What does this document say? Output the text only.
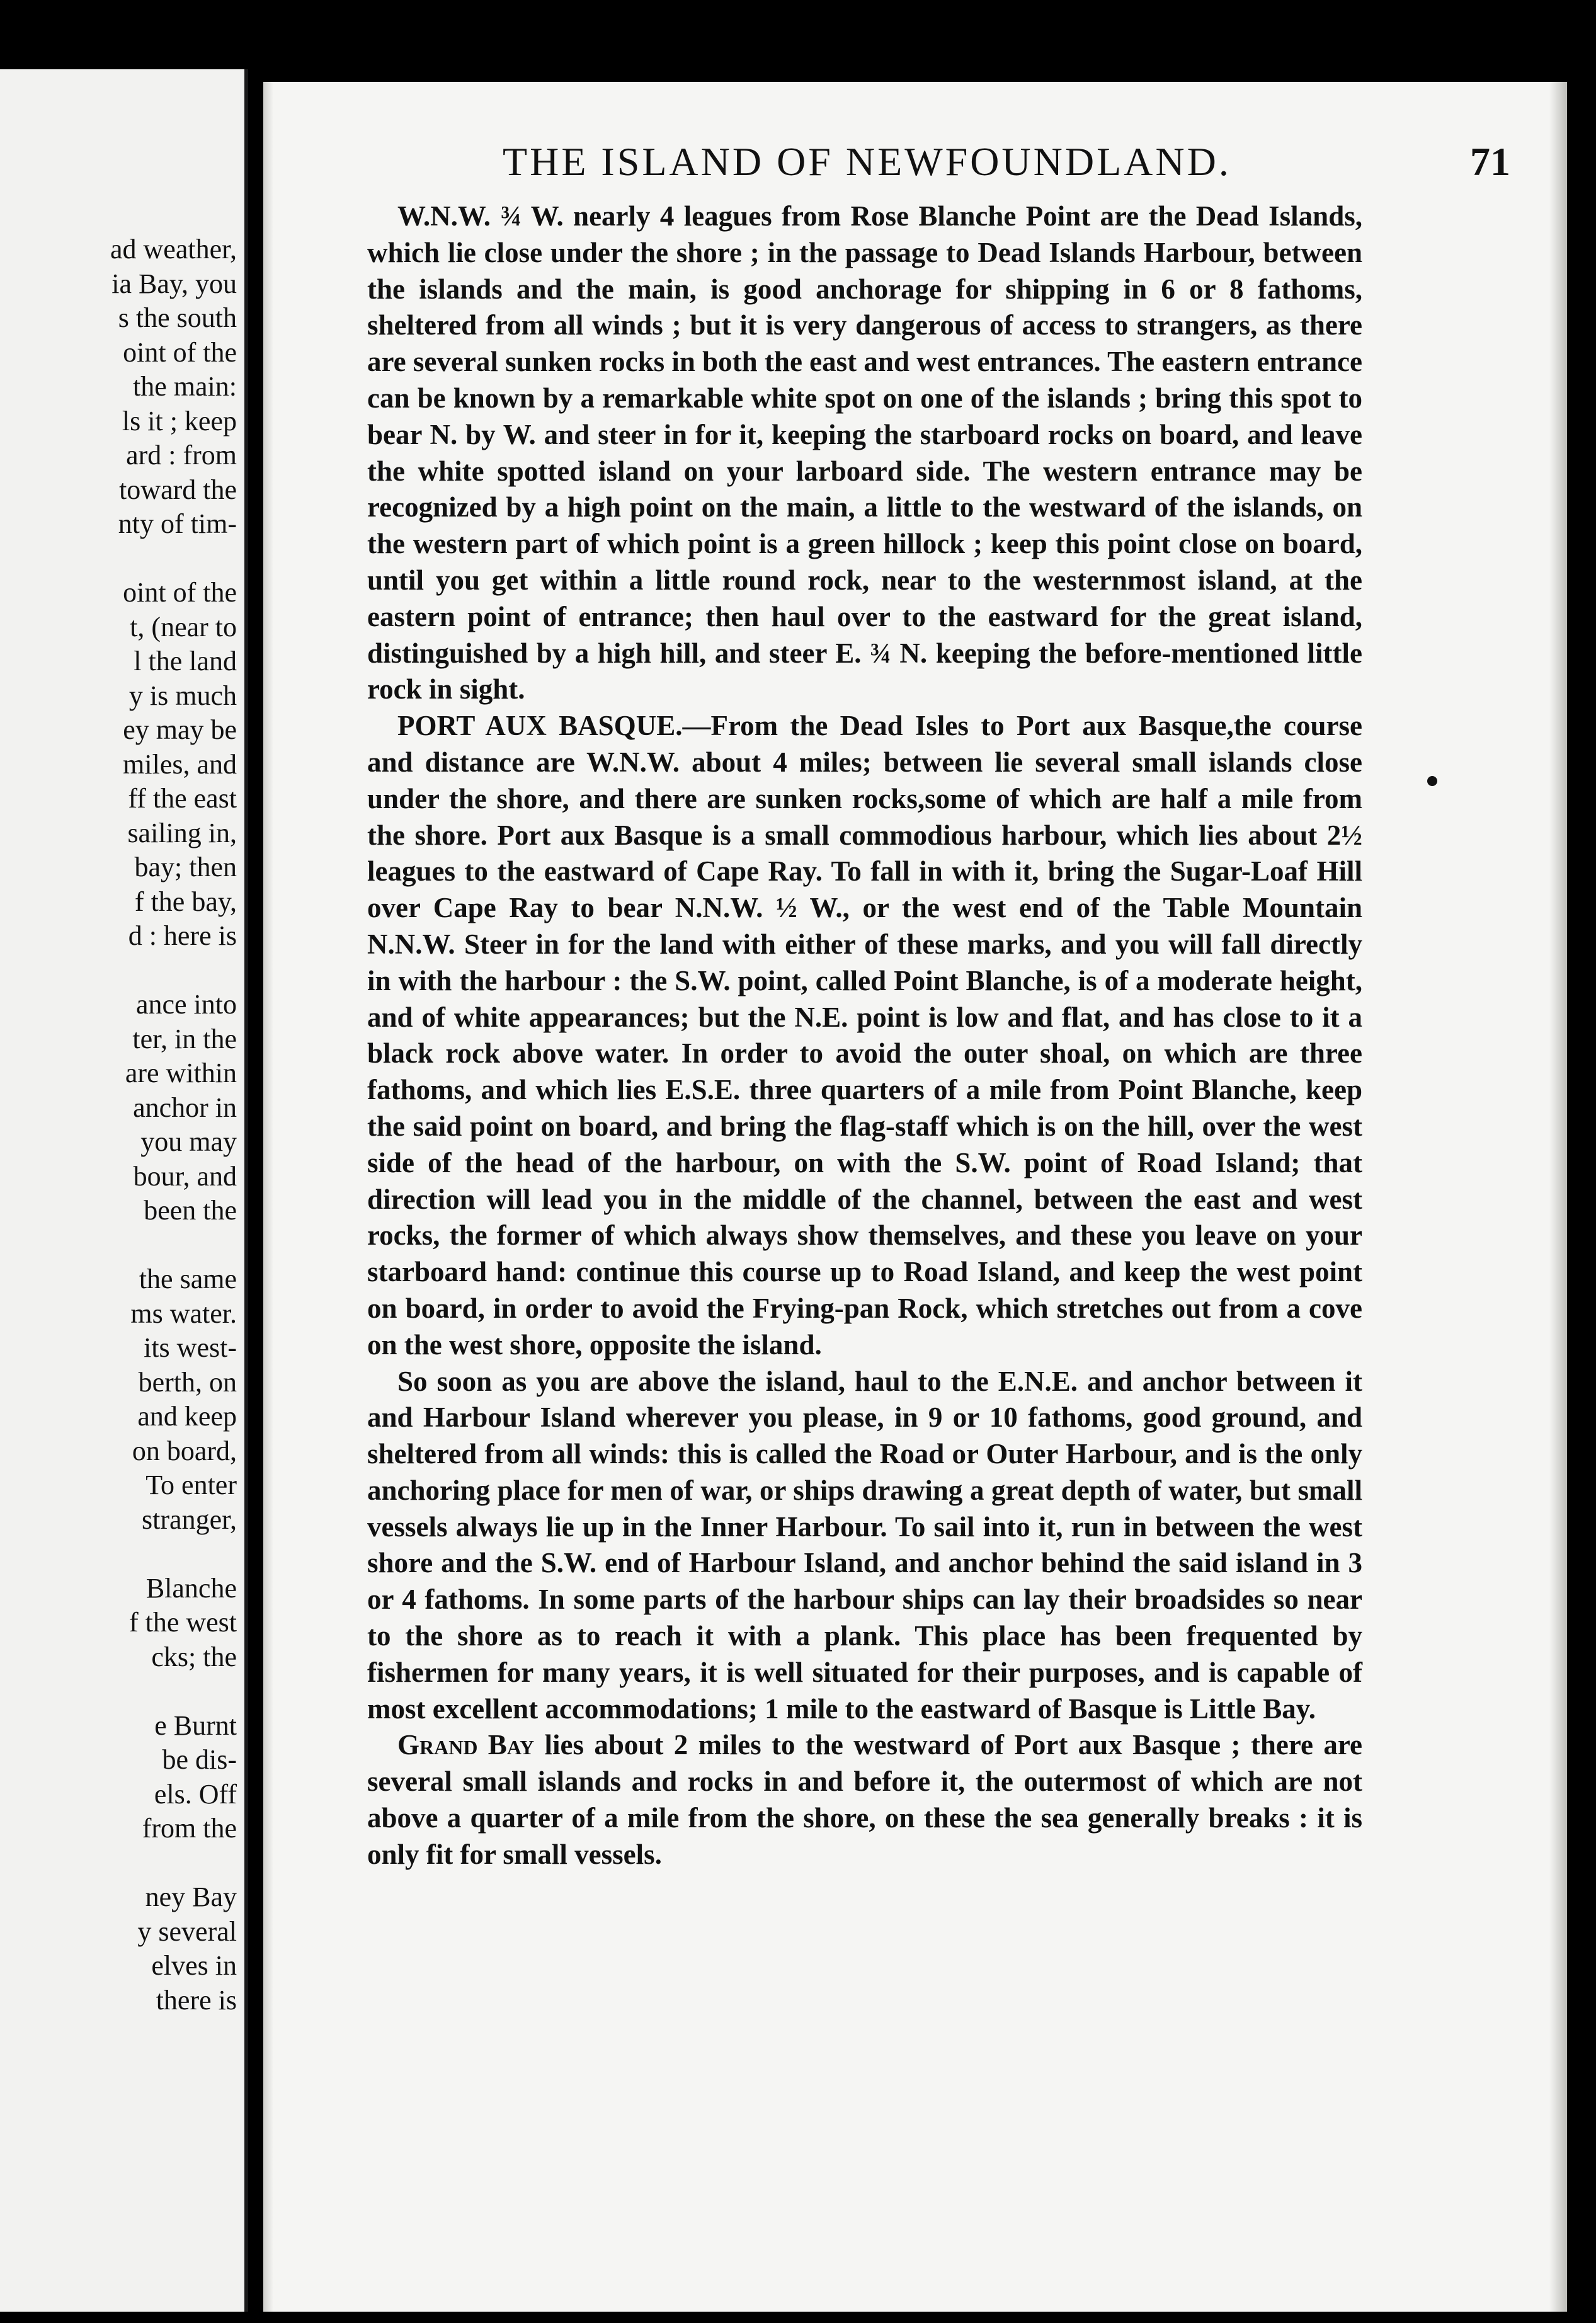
ad weather,
ia Bay, you
s the south
oint of the
the main:
ls it ; keep
ard : from
toward the
nty of tim-
oint of the
t, (near to
l the land
y is much
ey may be
miles, and
ff the east
sailing in,
bay; then
f the bay,
d : here is
ance into
ter, in the
are within
anchor in
you may
bour, and
been the
the same
ms water.
its west-
berth, on
and keep
on board,
To enter
stranger,
Blanche
f the west
cks; the
e Burnt
be dis-
els. Off
from the
ney Bay
y several
elves in
there is
THE ISLAND OF NEWFOUNDLAND.	71

W.N.W. ¾ W. nearly 4 leagues from Rose Blanche Point are the Dead Islands, which lie close under the shore ; in the passage to Dead Islands Harbour, between the islands and the main, is good anchorage for shipping in 6 or 8 fathoms, sheltered from all winds ; but it is very dangerous of access to strangers, as there are several sunken rocks in both the east and west entrances. The eastern entrance can be known by a remarkable white spot on one of the islands ; bring this spot to bear N. by W. and steer in for it, keeping the starboard rocks on board, and leave the white spotted island on your larboard side. The western entrance may be recognized by a high point on the main, a little to the westward of the islands, on the western part of which point is a green hillock ; keep this point close on board, until you get within a little round rock, near to the westernmost island, at the eastern point of entrance; then haul over to the eastward for the great island, distinguished by a high hill, and steer E. ¾ N. keeping the before-mentioned little rock in sight.

PORT AUX BASQUE.—From the Dead Isles to Port aux Basque,the course and distance are W.N.W. about 4 miles; between lie several small islands close under the shore, and there are sunken rocks,some of which are half a mile from the shore. Port aux Basque is a small commodious harbour, which lies about 2½ leagues to the eastward of Cape Ray. To fall in with it, bring the Sugar-Loaf Hill over Cape Ray to bear N.N.W. ½ W., or the west end of the Table Mountain N.N.W. Steer in for the land with either of these marks, and you will fall directly in with the harbour : the S.W. point, called Point Blanche, is of a moderate height, and of white appearances; but the N.E. point is low and flat, and has close to it a black rock above water. In order to avoid the outer shoal, on which are three fathoms, and which lies E.S.E. three quarters of a mile from Point Blanche, keep the said point on board, and bring the flag-staff which is on the hill, over the west side of the head of the harbour, on with the S.W. point of Road Island; that direction will lead you in the middle of the channel, between the east and west rocks, the former of which always show themselves, and these you leave on your starboard hand: continue this course up to Road Island, and keep the west point on board, in order to avoid the Frying-pan Rock, which stretches out from a cove on the west shore, opposite the island.

So soon as you are above the island, haul to the E.N.E. and anchor between it and Harbour Island wherever you please, in 9 or 10 fathoms, good ground, and sheltered from all winds: this is called the Road or Outer Harbour, and is the only anchoring place for men of war, or ships drawing a great depth of water, but small vessels always lie up in the Inner Harbour. To sail into it, run in between the west shore and the S.W. end of Harbour Island, and anchor behind the said island in 3 or 4 fathoms. In some parts of the harbour ships can lay their broadsides so near to the shore as to reach it with a plank. This place has been frequented by fishermen for many years, it is well situated for their purposes, and is capable of most excellent accommodations; 1 mile to the eastward of Basque is Little Bay.

Grand Bay lies about 2 miles to the westward of Port aux Basque ; there are several small islands and rocks in and before it, the outermost of which are not above a quarter of a mile from the shore, on these the sea generally breaks : it is only fit for small vessels.
